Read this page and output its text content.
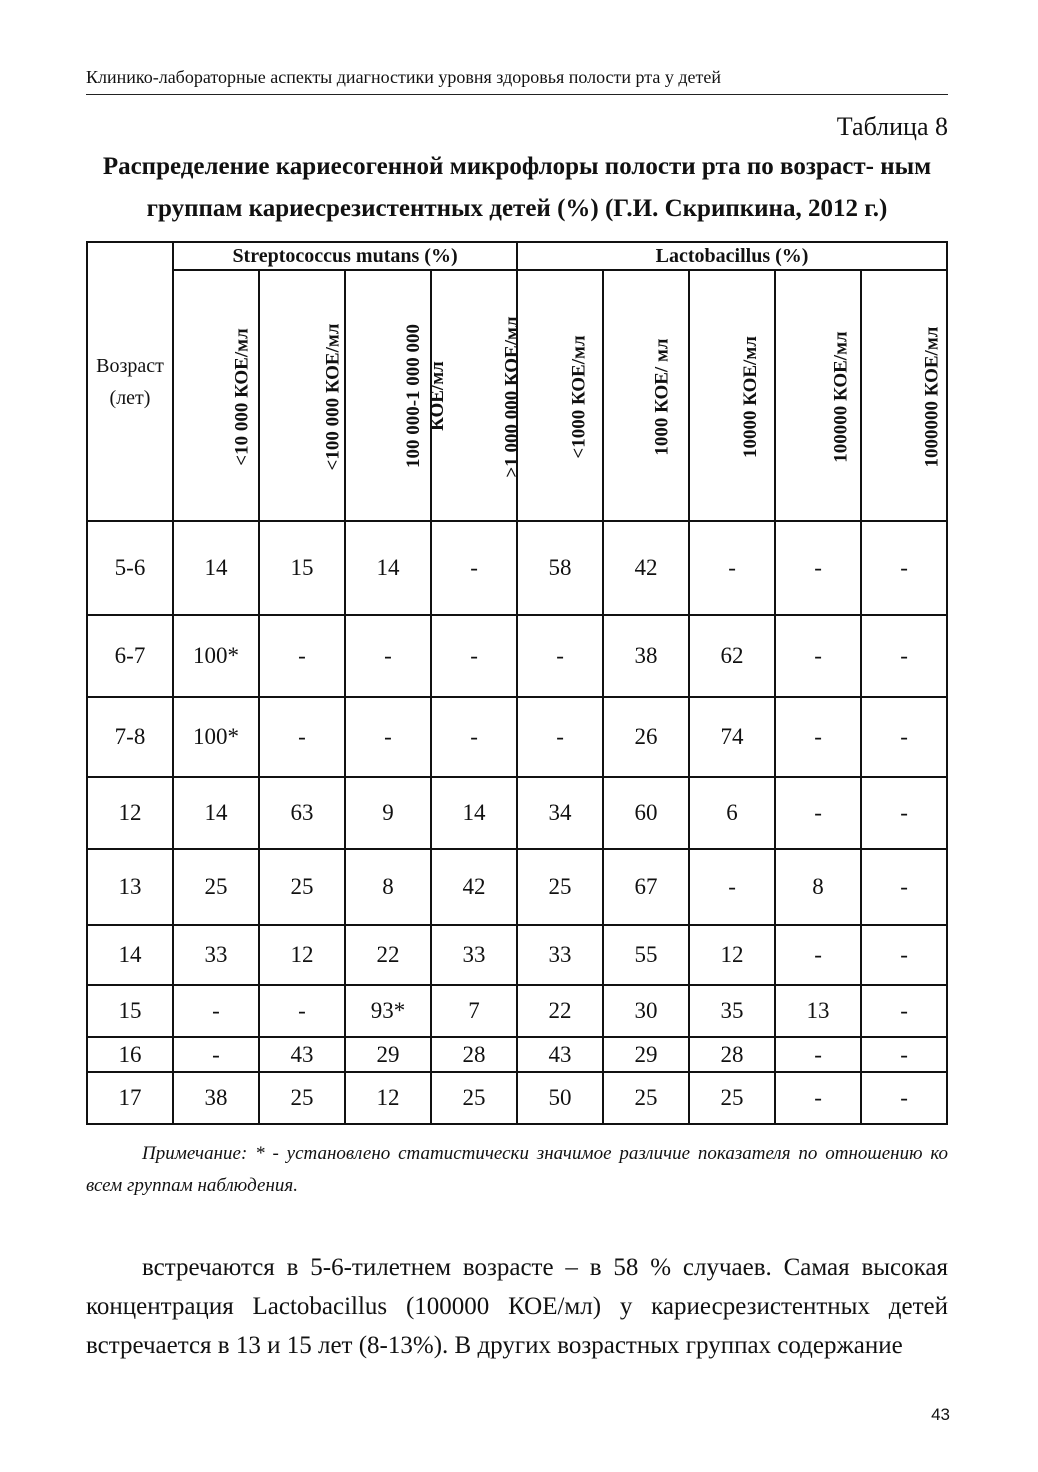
Клинико-лабораторные аспекты диагностики уровня здоровья полости рта у детей
Таблица 8
Распределение кариесогенной микрофлоры полости рта по возраст- ным группам кариесрезистентных детей (%) (Г.И. Скрипкина, 2012 г.)
Возраст
(лет)	Streptococcus mutans (%)				Lactobacillus (%)				
	<10 000 КОЕ/мл	<100 000 КОЕ/мл	100 000-1 000 000 КОЕ/мл	>1 000 000 КОЕ/мл	<1000 КОЕ/мл	1000 КОЕ/ мл	10000 КОЕ/мл	100000 КОЕ/мл	1000000 КОЕ/мл
5-6	14	15	14	-	58	42	-	-	-
6-7	100*	-	-	-	-	38	62	-	-
7-8	100*	-	-	-	-	26	74	-	-
12	14	63	9	14	34	60	6	-	-
13	25	25	8	42	25	67	-	8	-
14	33	12	22	33	33	55	12	-	-
15	-	-	93*	7	22	30	35	13	-
16	-	43	29	28	43	29	28	-	-
17	38	25	12	25	50	25	25	-	-
Примечание: * - установлено статистически значимое различие показателя по отношению ко всем группам наблюдения.
встречаются в 5-6-тилетнем возрасте – в 58 % случаев. Самая высокая концентрация Lactobacillus (100000 КОЕ/мл) у кариесрезистентных детей встречается в 13 и 15 лет (8-13%). В других возрастных группах содержание
43
